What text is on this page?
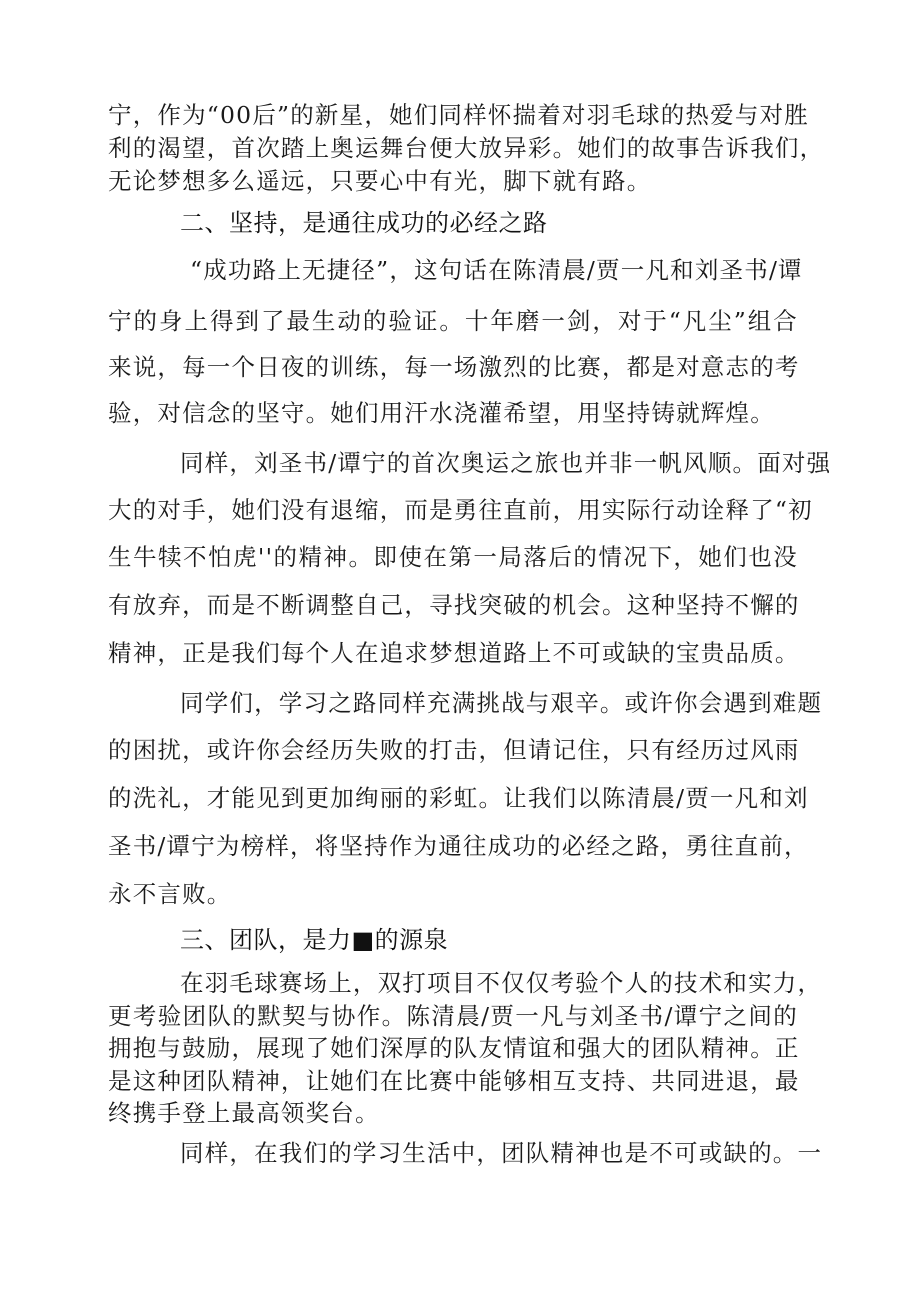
宁，作为“00后”的新星，她们同样怀揣着对羽毛球的热爱与对胜
利的渴望，首次踏上奥运舞台便大放异彩。她们的故事告诉我们，
无论梦想多么遥远，只要心中有光，脚下就有路。
二、坚持，是通往成功的必经之路
“成功路上无捷径”，这句话在陈清晨/贾一凡和刘圣书/谭
宁的身上得到了最生动的验证。十年磨一剑，对于“凡尘”组合
来说，每一个日夜的训练，每一场激烈的比赛，都是对意志的考
验，对信念的坚守。她们用汗水浇灌希望，用坚持铸就辉煌。
同样，刘圣书/谭宁的首次奥运之旅也并非一帆风顺。面对强
大的对手，她们没有退缩，而是勇往直前，用实际行动诠释了“初
生牛犊不怕虎''的精神。即使在第一局落后的情况下，她们也没
有放弃，而是不断调整自己，寻找突破的机会。这种坚持不懈的
精神，正是我们每个人在追求梦想道路上不可或缺的宝贵品质。
同学们，学习之路同样充满挑战与艰辛。或许你会遇到难题
的困扰，或许你会经历失败的打击，但请记住，只有经历过风雨
的洗礼，才能见到更加绚丽的彩虹。让我们以陈清晨/贾一凡和刘
圣书/谭宁为榜样，将坚持作为通往成功的必经之路，勇往直前，
永不言败。
三、团队，是力■的源泉
在羽毛球赛场上，双打项目不仅仅考验个人的技术和实力，
更考验团队的默契与协作。陈清晨/贾一凡与刘圣书/谭宁之间的
拥抱与鼓励，展现了她们深厚的队友情谊和强大的团队精神。正
是这种团队精神，让她们在比赛中能够相互支持、共同进退，最
终携手登上最高领奖台。
同样，在我们的学习生活中，团队精神也是不可或缺的。一
